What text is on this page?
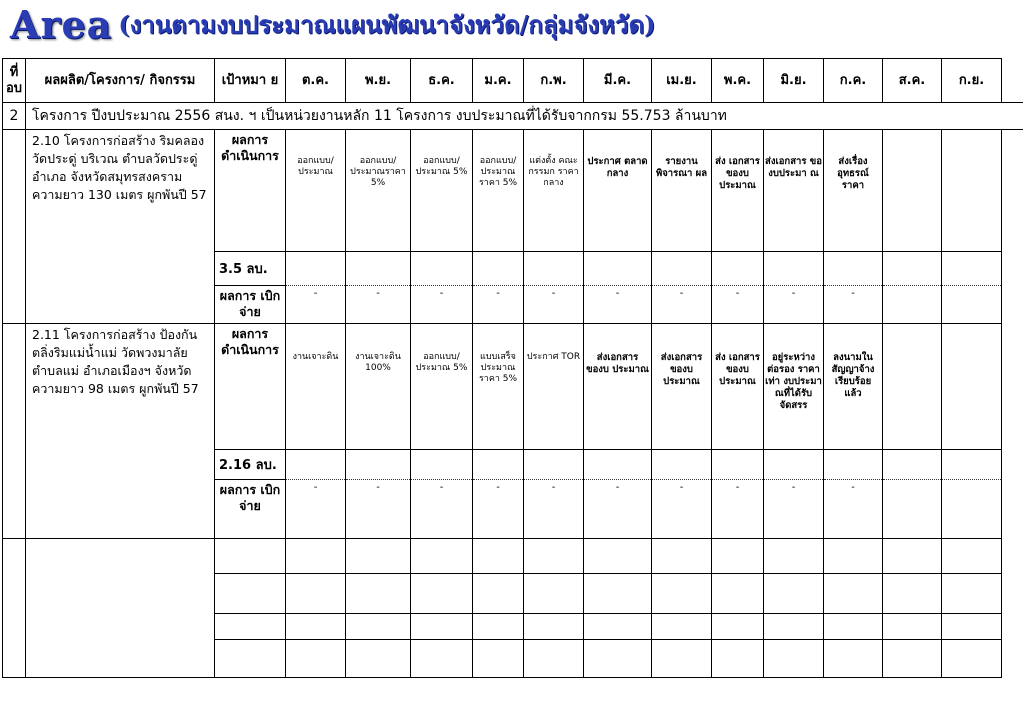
Area (งานตามงบประมาณแผนพัฒนาจังหวัด/กลุ่มจังหวัด)
ที่ อบ	ผลผลิต/โครงการ/ กิจกรรม	เป้าหมา ย	ต.ค.	พ.ย.	ธ.ค.	ม.ค.	ก.พ.	มี.ค.	เม.ย.	พ.ค.	มิ.ย.	ก.ค.	ส.ค.	ก.ย.
2	โครงการ ปีงบประมาณ 2556 สนง. ฯ เป็นหน่วยงานหลัก 11 โครงการ งบประมาณที่ได้รับจากกรม 55.753 ล้านบาท													
	2.10 โครงการก่อสร้าง ริมคลองวัดประดู่ บริเวณ ตำบลวัดประดู่ อำเภอ จังหวัดสมุทรสงคราม ความยาว 130 เมตร ผูกพันปี 57	ผลการ ดำเนินการ	ออกแบบ/ประมาณ	ออกแบบ/ประมาณราคา 5%	ออกแบบ/ประมาณ 5%	ออกแบบ/ประมาณ ราคา 5%	แต่งตั้ง คณะกรรมก ราคากลาง	ประกาศ ตลาดกลาง	รายงาน พิจารณา ผล	ส่ง เอกสาร ของบ ประมาณ	ส่งเอกสาร ขอ งบประมา ณ	ส่งเรื่อง อุทธรณ์ ราคา		
		3.5 ลบ.												
		ผลการ เบิกจ่าย	-	-	-	-	-	-	-	-	-	-		
	2.11 โครงการก่อสร้าง ป้องกันตลิ่งริมแม่น้ำแม่ วัดพวงมาลัย ตำบลแม่ อำเภอเมืองฯ จังหวัด ความยาว 98 เมตร ผูกพันปี 57	ผลการ ดำเนินการ	งานเจาะดิน	งานเจาะดิน 100%	ออกแบบ/ประมาณ 5%	แบบเสร็จ ประมาณ ราคา 5%	ประกาศ TOR	ส่งเอกสาร ของบ ประมาณ	ส่งเอกสาร ของบ ประมาณ	ส่ง เอกสาร ของบ ประมาณ	อยู่ระหว่าง ต่อรอง ราคาเท่า งบประมา ณที่ได้รับ จัดสรร	ลงนามใน สัญญาจ้าง เรียบร้อย แล้ว		
		2.16 ลบ.												
		ผลการ เบิกจ่าย	-	-	-	-	-	-	-	-	-	-		
